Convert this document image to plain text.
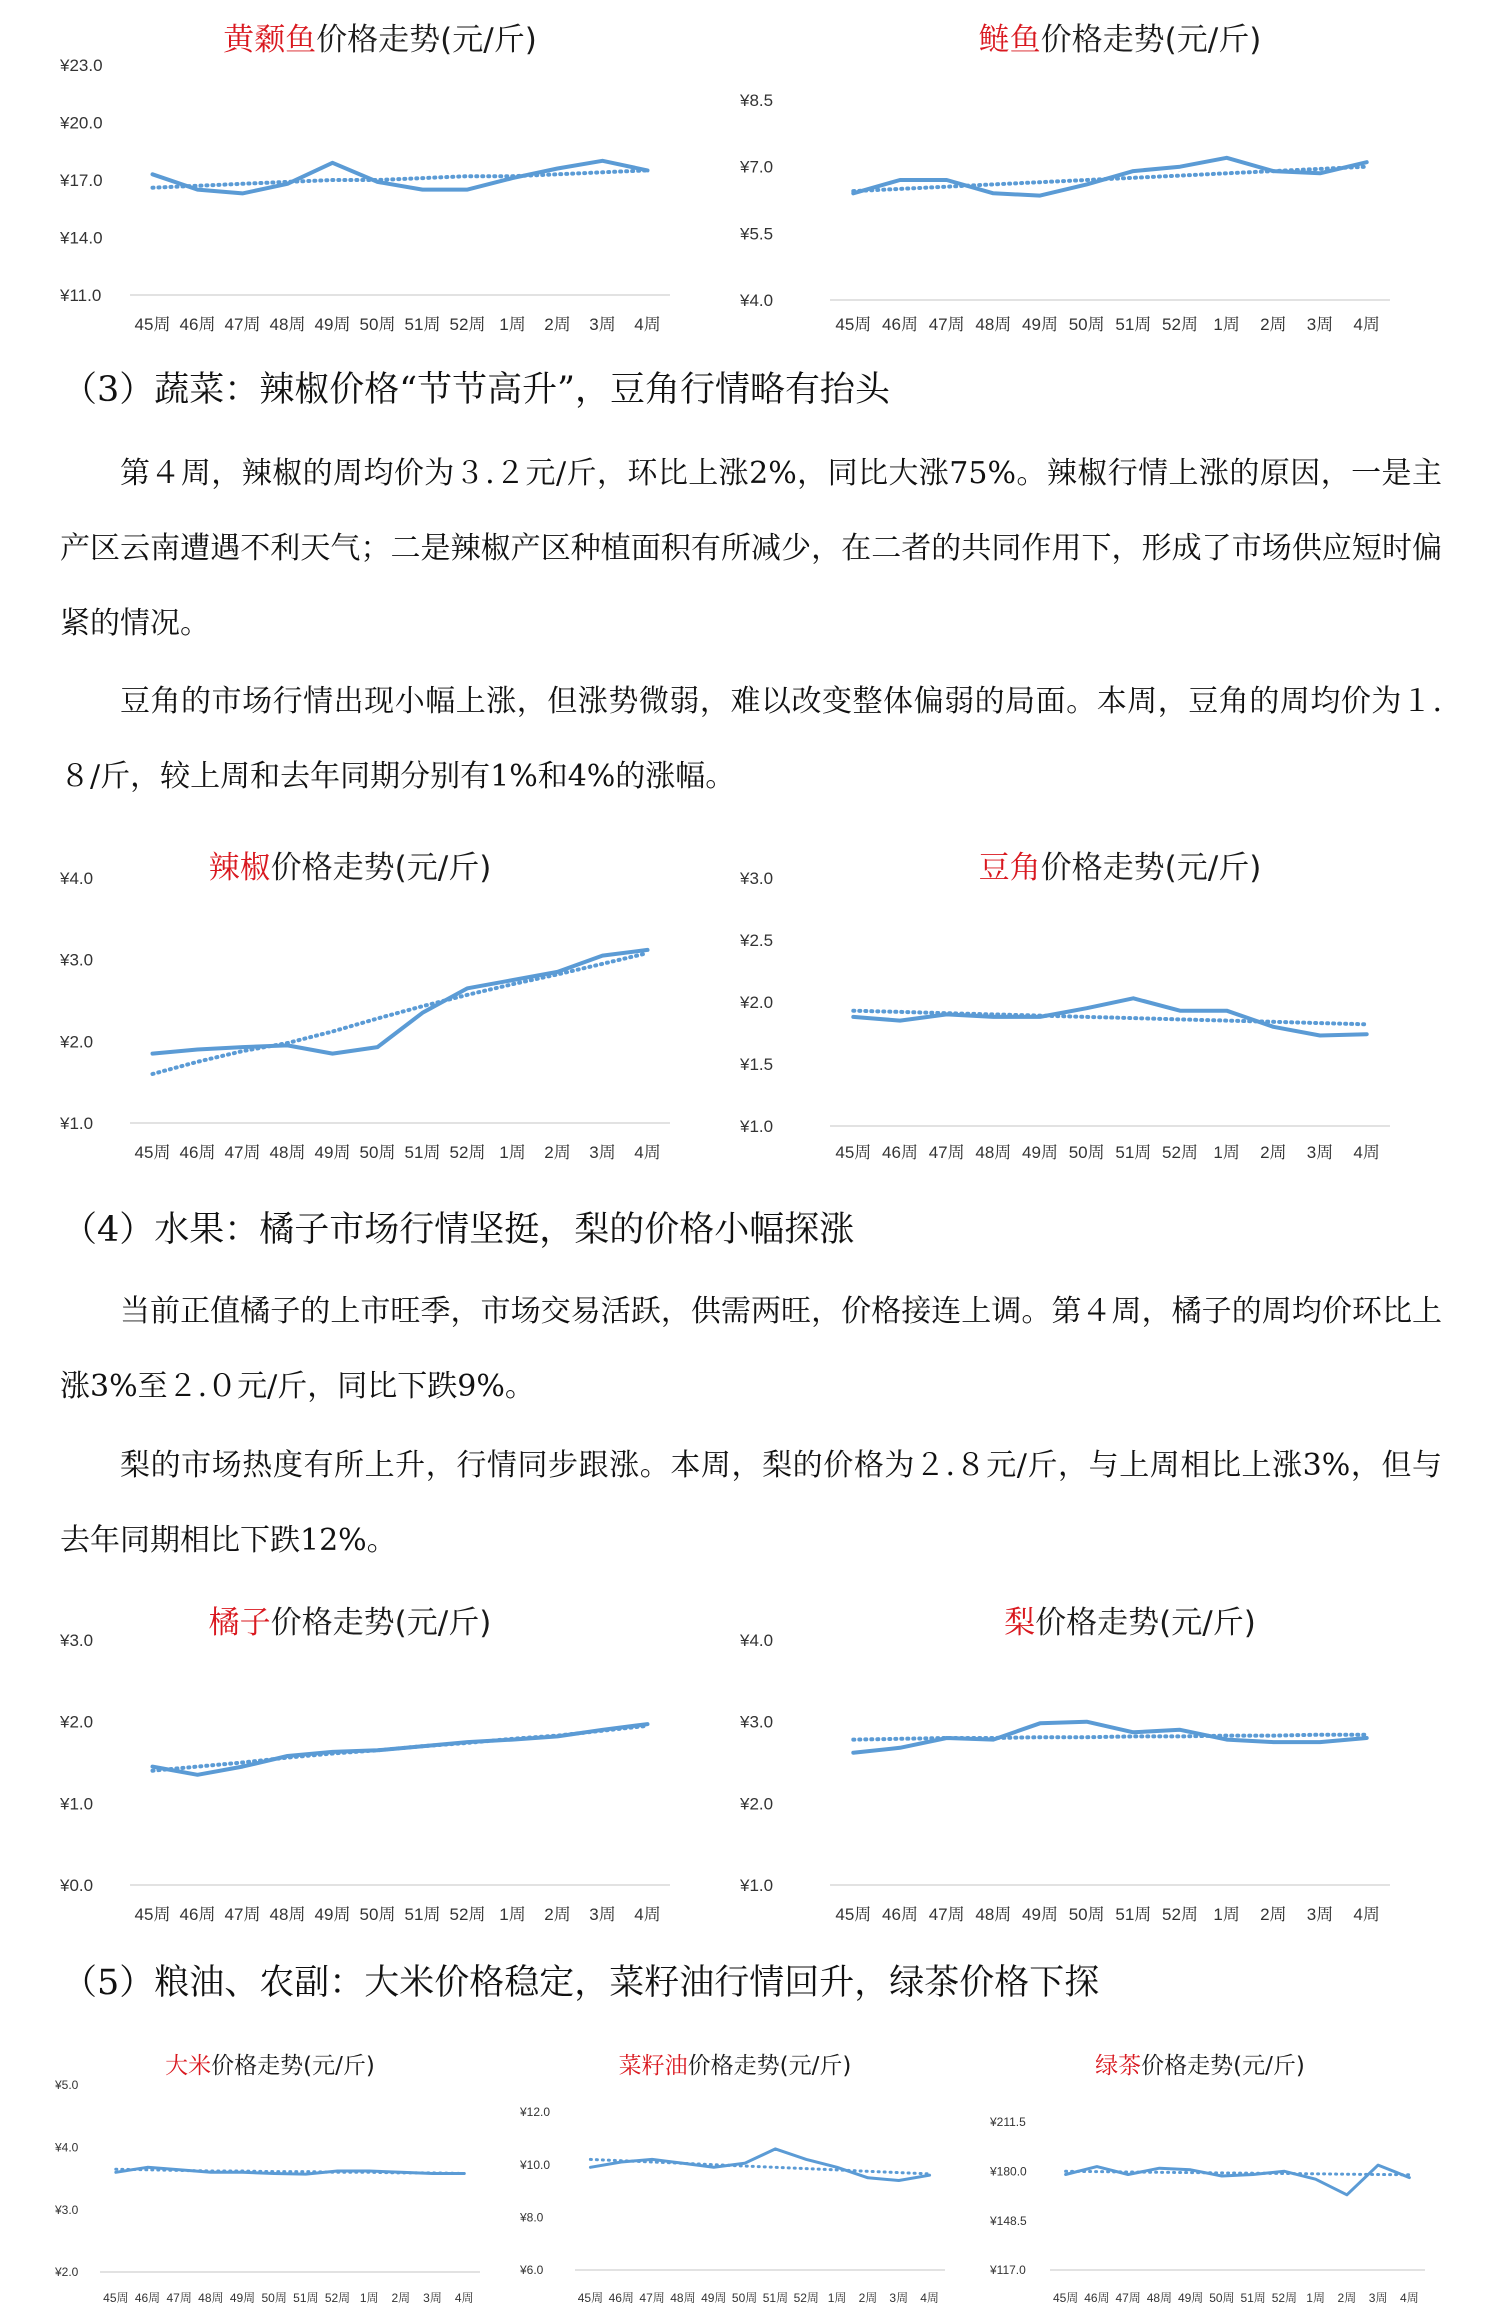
黄颡鱼价格走势(元/斤)
¥23.0
¥20.0
¥17.0
¥14.0
¥11.0
45周 46周 47周 48周 49周 50周 51周 52周 1周 2周 3周 4周
鲢鱼价格走势(元/斤)
¥8.5
¥7.0
¥5.5
¥4.0
45周 46周 47周 48周 49周 50周 51周 52周 1周 2周 3周 4周
（3）蔬菜：辣椒价格“节节高升”，豆角行情略有抬头
第４周，辣椒的周均价为３.２元/斤，环比上涨2%，同比大涨75%。辣椒行情上涨的原因，一是主产区云南遭遇不利天气；二是辣椒产区种植面积有所减少，在二者的共同作用下，形成了市场供应短时偏紧的情况。
豆角的市场行情出现小幅上涨，但涨势微弱，难以改变整体偏弱的局面。本周，豆角的周均价为１.８/斤，较上周和去年同期分别有1%和4%的涨幅。
辣椒价格走势(元/斤)
¥4.0
¥3.0
¥2.0
¥1.0
45周 46周 47周 48周 49周 50周 51周 52周 1周 2周 3周 4周
豆角价格走势(元/斤)
¥3.0
¥2.5
¥2.0
¥1.5
¥1.0
45周 46周 47周 48周 49周 50周 51周 52周 1周 2周 3周 4周
（4）水果：橘子市场行情坚挺，梨的价格小幅探涨
当前正值橘子的上市旺季，市场交易活跃，供需两旺，价格接连上调。第４周，橘子的周均价环比上涨3%至２.０元/斤，同比下跌9%。
梨的市场热度有所上升，行情同步跟涨。本周，梨的价格为２.８元/斤，与上周相比上涨3%，但与去年同期相比下跌12%。
橘子价格走势(元/斤)
¥3.0
¥2.0
¥1.0
¥0.0
45周 46周 47周 48周 49周 50周 51周 52周 1周 2周 3周 4周
梨价格走势(元/斤)
¥4.0
¥3.0
¥2.0
¥1.0
45周 46周 47周 48周 49周 50周 51周 52周 1周 2周 3周 4周
（5）粮油、农副：大米价格稳定，菜籽油行情回升，绿茶价格下探
大米价格走势(元/斤)
¥5.0
¥4.0
¥3.0
¥2.0
45周 46周 47周 48周 49周 50周 51周 52周 1周 2周 3周 4周
菜籽油价格走势(元/斤)
¥12.0
¥10.0
¥8.0
¥6.0
45周 46周 47周 48周 49周 50周 51周 52周 1周 2周 3周 4周
绿茶价格走势(元/斤)
¥211.5
¥180.0
¥148.5
¥117.0
45周 46周 47周 48周 49周 50周 51周 52周 1周 2周 3周 4周
